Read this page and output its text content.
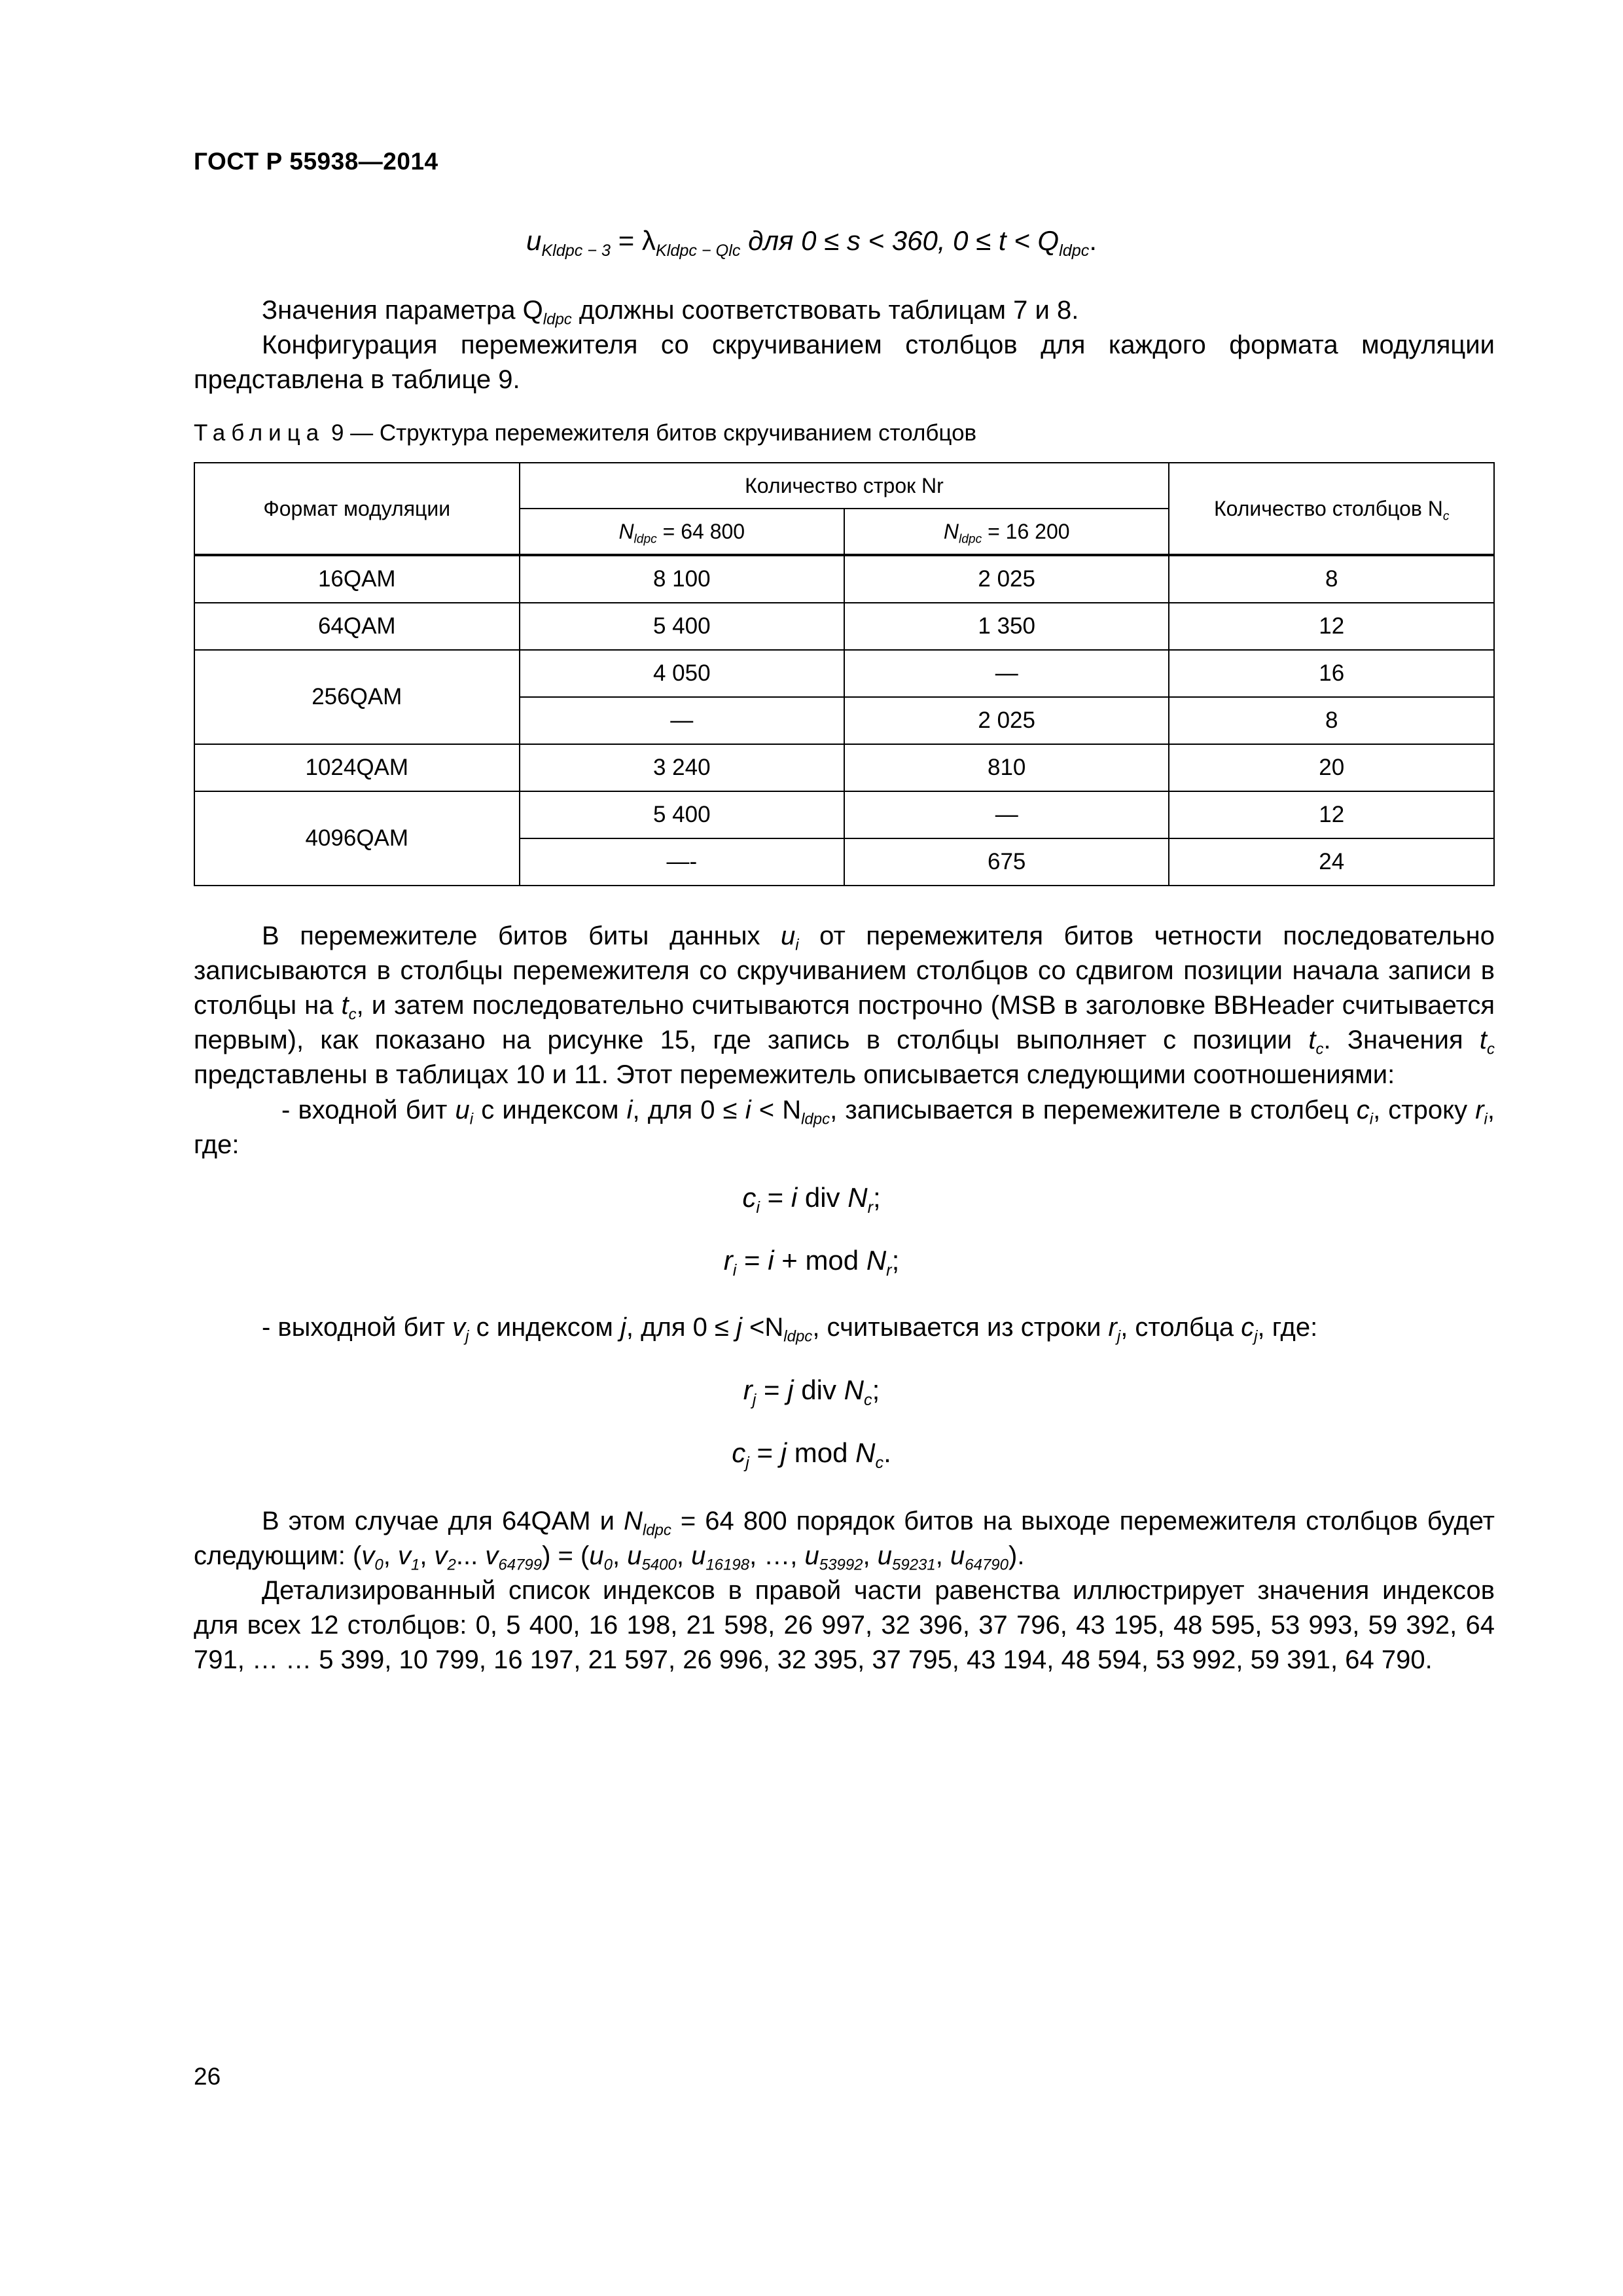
ГОСТ Р 55938—2014
$u_{Kldpc - 3} = \lambda_{Kldpc - Qlc}$ для 0 ≤ s < 360, $0 \le t < Q_{ldpc}$.
Значения параметра $Q_{ldpc}$ должны соответствовать таблицам 7 и 8.
Конфигурация перемежителя со скручиванием столбцов для каждого формата модуляции представлена в таблице 9.
Таблица 9 — Структура перемежителя битов скручиванием столбцов
Формат модуляции	Количество строк Nr		Количество столбцов $N_c$
	$N_{ldpc} = 64$ 800	$N_{ldpc} = 16$ 200	
16QAM	8 100	2 025	8
64QAM	5 400	1 350	12
256QAM	4 050	—	16
	—	2 025	8
1024QAM	3 240	810	20
4096QAM	5 400	—	12
	—-	675	24
В перемежителе битов биты данных $u_i$ от перемежителя битов четности последовательно записываются в столбцы перемежителя со скручиванием столбцов со сдвигом позиции начала записи в столбцы на $t_c$, и затем последовательно считываются построчно (MSB в заголовке BBHeader считывается первым), как показано на рисунке 15, где запись в столбцы выполняет с позиции $t_c$. Значения $t_c$ представлены в таблицах 10 и 11. Этот перемежитель описывается следующими соотношениями:
- входной бит $u_i$ с индексом i, для $0 \le i < N_{ldpc}$, записывается в перемежителе в столбец $c_i$, строку $r_i$, где:
$c_i = i$ div $N_r$;
$r_i = i$ + mod $N_r$;
- выходной бит $v_j$ с индексом j, для $0 \le j <N_{ldpc}$, считывается из строки $r_j$, столбца $c_j$, где:
$r_j = j$ div $N_c$;
$c_j = j$ mod $N_c$.
В этом случае для 64QAM и $N_{ldpc} = 64$ 800 порядок битов на выходе перемежителя столбцов будет следующим: ($v_0$, $v_1$, $v_2$... $v_{64799}) = (u_0$, $u_{5400}$, $u_{16198}$, …, $u_{53992}$, $u_{59231}$, $u_{64790}$).
Детализированный список индексов в правой части равенства иллюстрирует значения индексов для всех 12 столбцов: 0, 5 400, 16 198, 21 598, 26 997, 32 396, 37 796, 43 195, 48 595, 53 993, 59 392, 64 791, … … 5 399, 10 799, 16 197, 21 597, 26 996, 32 395, 37 795, 43 194, 48 594, 53 992, 59 391, 64 790.
26
